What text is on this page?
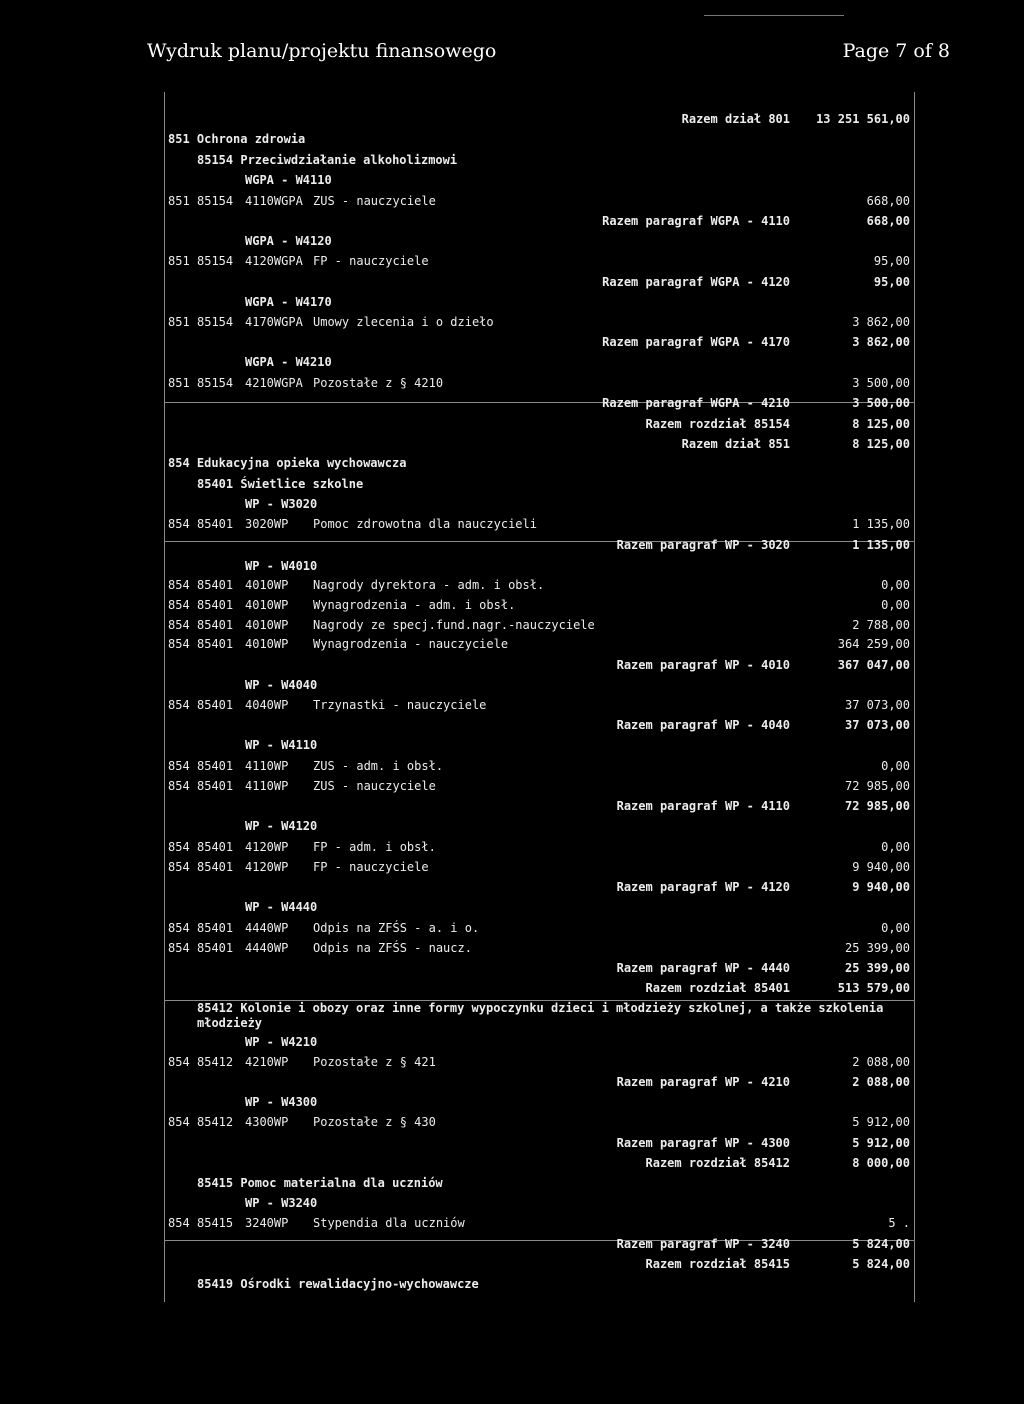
Wydruk planu/projektu finansowego	Page 7 of 8
Razem dział 801 13 251 561,00
851 Ochrona zdrowia
85154 Przeciwdziałanie alkoholizmowi
WGPA - W4110
851 85154 4110WGPA ZUS - nauczyciele	668,00
Razem paragraf WGPA - 4110	668,00
WGPA - W4120
851 85154 4120WGPA FP - nauczyciele	95,00
Razem paragraf WGPA - 4120	95,00
WGPA - W4170
851 85154 4170WGPA Umowy zlecenia i o dzieło	3 862,00
Razem paragraf WGPA - 4170	3 862,00
WGPA - W4210
851 85154 4210WGPA Pozostałe z § 4210	3 500,00
Razem paragraf WGPA - 4210	3 500,00
Razem rozdział 85154	8 125,00
Razem dział 851	8 125,00
854 Edukacyjna opieka wychowawcza
85401 Świetlice szkolne
WP - W3020
854 85401 3020WP Pomoc zdrowotna dla nauczycieli	1 135,00
Razem paragraf WP - 3020	1 135,00
WP - W4010
854 85401 4010WP Nagrody dyrektora - adm. i obsł.	0,00
854 85401 4010WP Wynagrodzenia - adm. i obsł.	0,00
854 85401 4010WP Nagrody ze specj.fund.nagr.-nauczyciele	2 788,00
854 85401 4010WP Wynagrodzenia - nauczyciele	364 259,00
Razem paragraf WP - 4010	367 047,00
WP - W4040
854 85401 4040WP Trzynastki - nauczyciele	37 073,00
Razem paragraf WP - 4040	37 073,00
WP - W4110
854 85401 4110WP ZUS - adm. i obsł.	0,00
854 85401 4110WP ZUS - nauczyciele	72 985,00
Razem paragraf WP - 4110	72 985,00
WP - W4120
854 85401 4120WP FP - adm. i obsł.	0,00
854 85401 4120WP FP - nauczyciele	9 940,00
Razem paragraf WP - 4120	9 940,00
WP - W4440
854 85401 4440WP Odpis na ZFŚS - a. i o.	0,00
854 85401 4440WP Odpis na ZFŚS - naucz.	25 399,00
Razem paragraf WP - 4440	25 399,00
Razem rozdział 85401	513 579,00
85412 Kolonie i obozy oraz inne formy wypoczynku dzieci i młodzieży szkolnej, a także szkolenia
młodzieży
WP - W4210
854 85412 4210WP Pozostałe z § 421	2 088,00
Razem paragraf WP - 4210	2 088,00
WP - W4300
854 85412 4300WP Pozostałe z § 430	5 912,00
Razem paragraf WP - 4300	5 912,00
Razem rozdział 85412	8 000,00
85415 Pomoc materialna dla uczniów
WP - W3240
854 85415 3240WP Stypendia dla uczniów	5 .
Razem paragraf WP - 3240	5 824,00
Razem rozdział 85415	5 824,00
85419 Ośrodki rewalidacyjno-wychowawcze
